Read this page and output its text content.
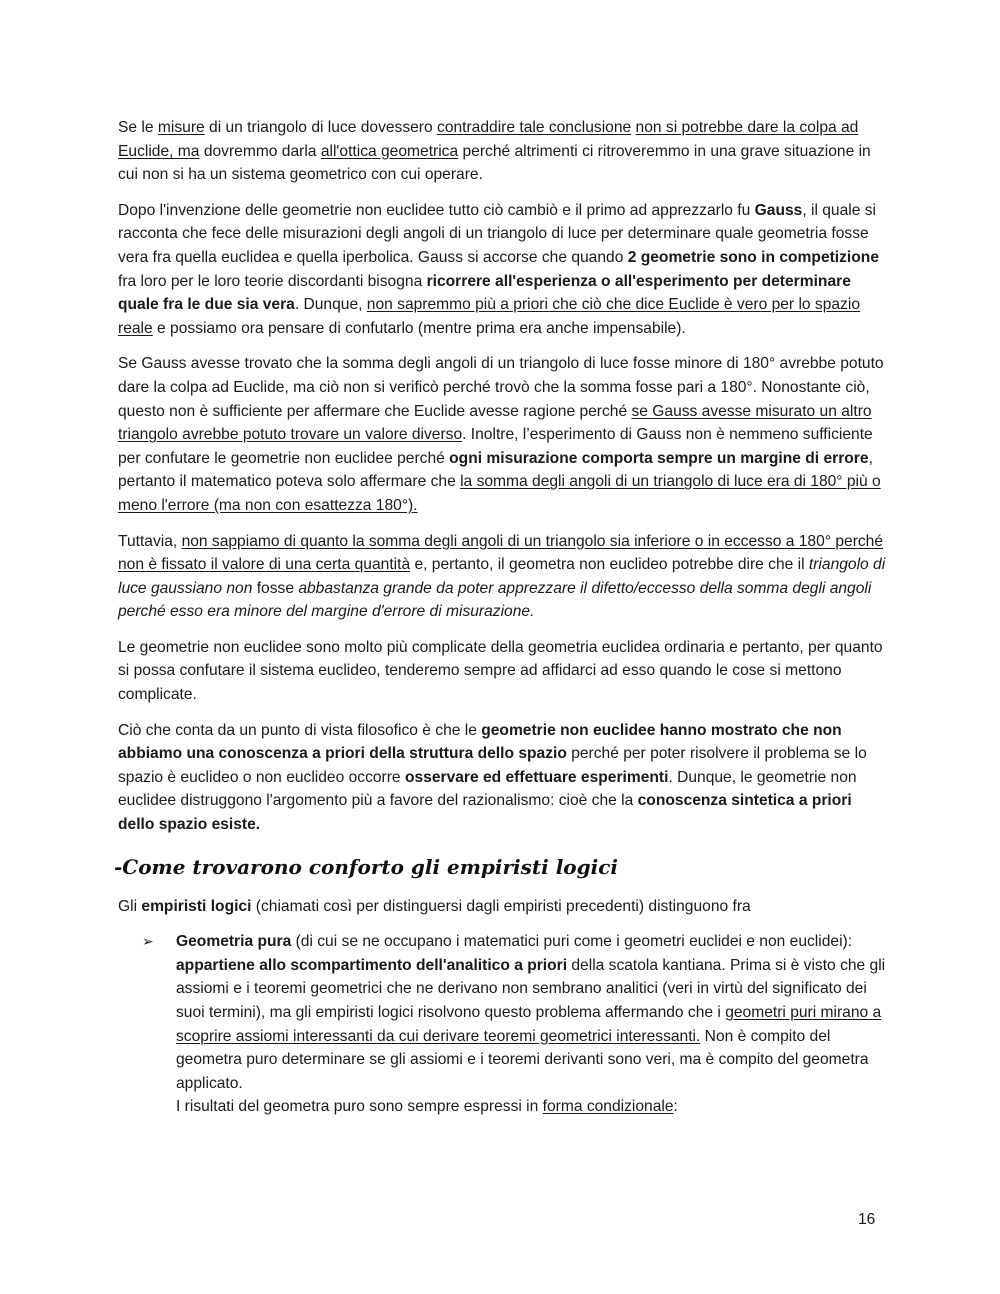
Se le misure di un triangolo di luce dovessero contraddire tale conclusione non si potrebbe dare la colpa ad Euclide, ma dovremmo darla all'ottica geometrica perché altrimenti ci ritroveremmo in una grave situazione in cui non si ha un sistema geometrico con cui operare.

Dopo l'invenzione delle geometrie non euclidee tutto ciò cambiò e il primo ad apprezzarlo fu Gauss, il quale si racconta che fece delle misurazioni degli angoli di un triangolo di luce per determinare quale geometria fosse vera fra quella euclidea e quella iperbolica. Gauss si accorse che quando 2 geometrie sono in competizione fra loro per le loro teorie discordanti bisogna ricorrere all'esperienza o all'esperimento per determinare quale fra le due sia vera. Dunque, non sapremmo più a priori che ciò che dice Euclide è vero per lo spazio reale e possiamo ora pensare di confutarlo (mentre prima era anche impensabile).

Se Gauss avesse trovato che la somma degli angoli di un triangolo di luce fosse minore di 180° avrebbe potuto dare la colpa ad Euclide, ma ciò non si verificò perché trovò che la somma fosse pari a 180°. Nonostante ciò, questo non è sufficiente per affermare che Euclide avesse ragione perché se Gauss avesse misurato un altro triangolo avrebbe potuto trovare un valore diverso. Inoltre, l’esperimento di Gauss non è nemmeno sufficiente per confutare le geometrie non euclidee perché ogni misurazione comporta sempre un margine di errore, pertanto il matematico poteva solo affermare che la somma degli angoli di un triangolo di luce era di 180° più o meno l'errore (ma non con esattezza 180°).

Tuttavia, non sappiamo di quanto la somma degli angoli di un triangolo sia inferiore o in eccesso a 180° perché non è fissato il valore di una certa quantità e, pertanto, il geometra non euclideo potrebbe dire che il triangolo di luce gaussiano non fosse abbastanza grande da poter apprezzare il difetto/eccesso della somma degli angoli perché esso era minore del margine d'errore di misurazione.

Le geometrie non euclidee sono molto più complicate della geometria euclidea ordinaria e pertanto, per quanto si possa confutare il sistema euclideo, tenderemo sempre ad affidarci ad esso quando le cose si mettono complicate.

Ciò che conta da un punto di vista filosofico è che le geometrie non euclidee hanno mostrato che non abbiamo una conoscenza a priori della struttura dello spazio perché per poter risolvere il problema se lo spazio è euclideo o non euclideo occorre osservare ed effettuare esperimenti. Dunque, le geometrie non euclidee distruggono l'argomento più a favore del razionalismo: cioè che la conoscenza sintetica a priori dello spazio esiste.

-Come trovarono conforto gli empiristi logici

Gli empiristi logici (chiamati così per distinguersi dagli empiristi precedenti) distinguono fra

➢ Geometria pura (di cui se ne occupano i matematici puri come i geometri euclidei e non euclidei): appartiene allo scompartimento dell'analitico a priori della scatola kantiana. Prima si è visto che gli assiomi e i teoremi geometrici che ne derivano non sembrano analitici (veri in virtù del significato dei suoi termini), ma gli empiristi logici risolvono questo problema affermando che i geometri puri mirano a scoprire assiomi interessanti da cui derivare teoremi geometrici interessanti. Non è compito del geometra puro determinare se gli assiomi e i teoremi derivanti sono veri, ma è compito del geometra applicato.
I risultati del geometra puro sono sempre espressi in forma condizionale:
16
